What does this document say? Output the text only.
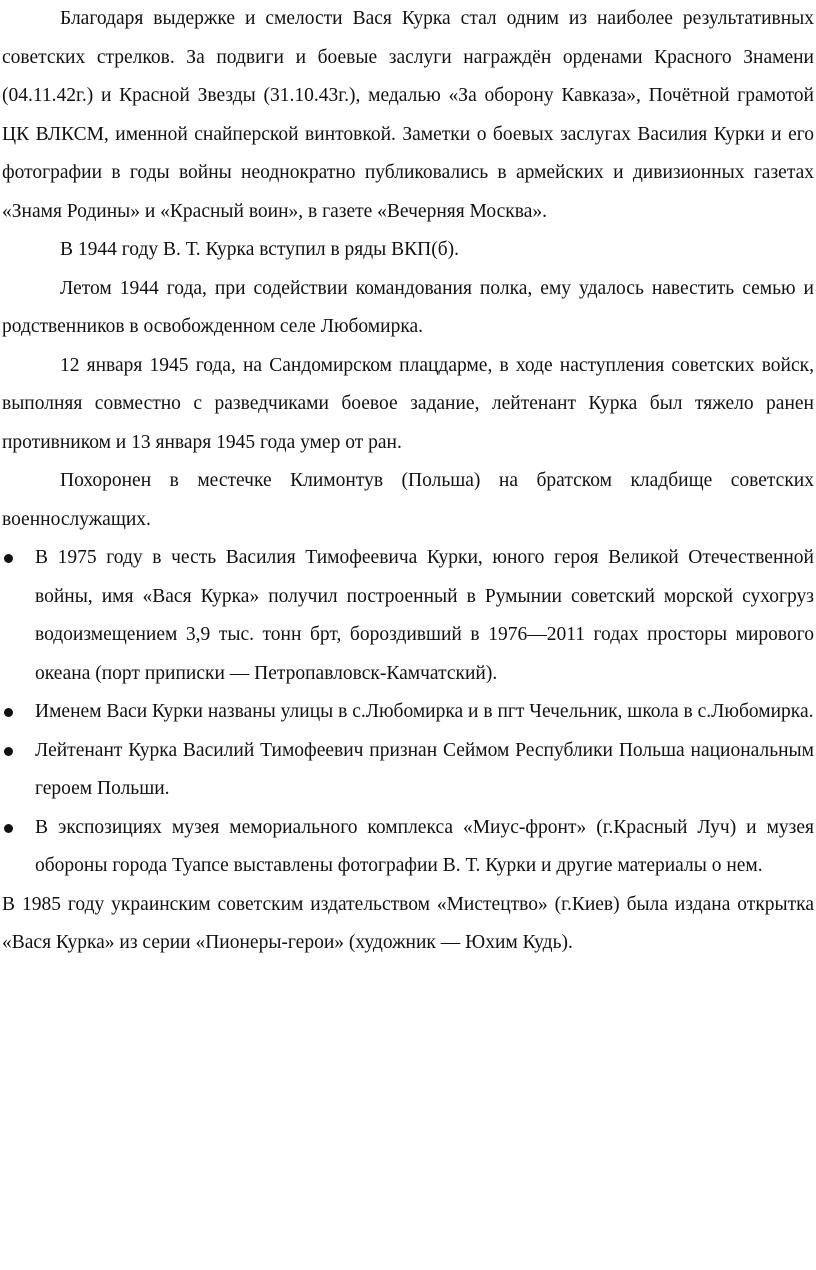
Благодаря выдержке и смелости Вася Курка стал одним из наиболее результативных советских стрелков. За подвиги и боевые заслуги награждён орденами Красного Знамени (04.11.42г.) и Красной Звезды (31.10.43г.), медалью «За оборону Кавказа», Почётной грамотой ЦК ВЛКСМ, именной снайперской винтовкой. Заметки о боевых заслугах Василия Курки и его фотографии в годы войны неоднократно публиковались в армейских и дивизионных газетах «Знамя Родины» и «Красный воин», в газете «Вечерняя Москва».

В 1944 году В. Т. Курка вступил в ряды ВКП(б).

Летом 1944 года, при содействии командования полка, ему удалось навестить семью и родственников в освобожденном селе Любомирка.

12 января 1945 года, на Сандомирском плацдарме, в ходе наступления советских войск, выполняя совместно с разведчиками боевое задание, лейтенант Курка был тяжело ранен противником и 13 января 1945 года умер от ран.

Похоронен в местечке Климонтув (Польша) на братском кладбище советских военнослужащих.

В 1975 году в честь Василия Тимофеевича Курки, юного героя Великой Отечественной войны, имя «Вася Курка» получил построенный в Румынии советский морской сухогруз водоизмещением 3,9 тыс. тонн брт, бороздивший в 1976—2011 годах просторы мирового океана (порт приписки — Петропавловск-Камчатский).
Именем Васи Курки названы улицы в с.Любомирка и в пгт Чечельник, школа в с.Любомирка.
Лейтенант Курка Василий Тимофеевич признан Сеймом Республики Польша национальным героем Польши.
В экспозициях музея мемориального комплекса «Миус-фронт» (г.Красный Луч) и музея обороны города Туапсе выставлены фотографии В. Т. Курки и другие материалы о нем.

В 1985 году украинским советским издательством «Мистецтво» (г.Киев) была издана открытка «Вася Курка» из серии «Пионеры-герои» (художник — Юхим Кудь).
